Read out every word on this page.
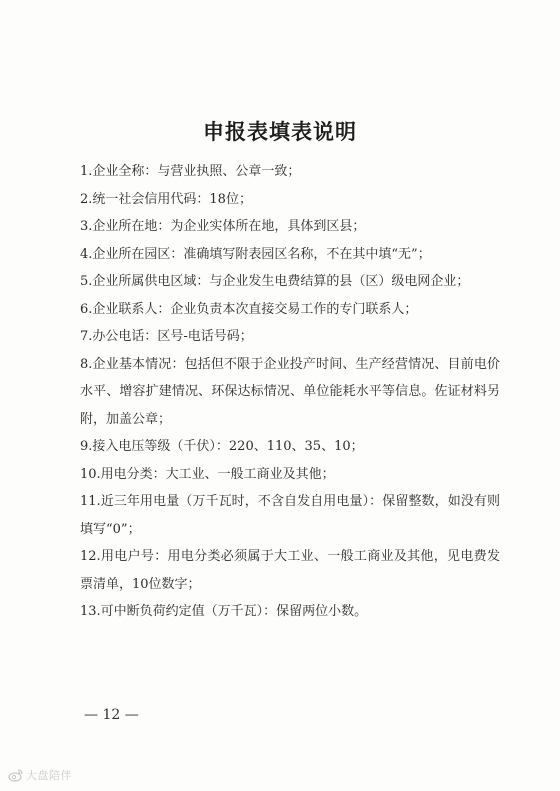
申报表填表说明
1.企业全称：与营业执照、公章一致；
2.统一社会信用代码：18位；
3.企业所在地：为企业实体所在地，具体到区县；
4.企业所在园区：准确填写附表园区名称，不在其中填“无”；
5.企业所属供电区域：与企业发生电费结算的县（区）级电网企业；
6.企业联系人：企业负责本次直接交易工作的专门联系人；
7.办公电话：区号-电话号码；
8.企业基本情况：包括但不限于企业投产时间、生产经营情况、目前电价水平、增容扩建情况、环保达标情况、单位能耗水平等信息。佐证材料另附，加盖公章；
9.接入电压等级（千伏）：220、110、35、10；
10.用电分类：大工业、一般工商业及其他；
11.近三年用电量（万千瓦时，不含自发自用电量）：保留整数，如没有则填写“0”；
12.用电户号：用电分类必须属于大工业、一般工商业及其他，见电费发票清单，10位数字；
13.可中断负荷约定值（万千瓦）：保留两位小数。
— 12 —
大盘陪伴
